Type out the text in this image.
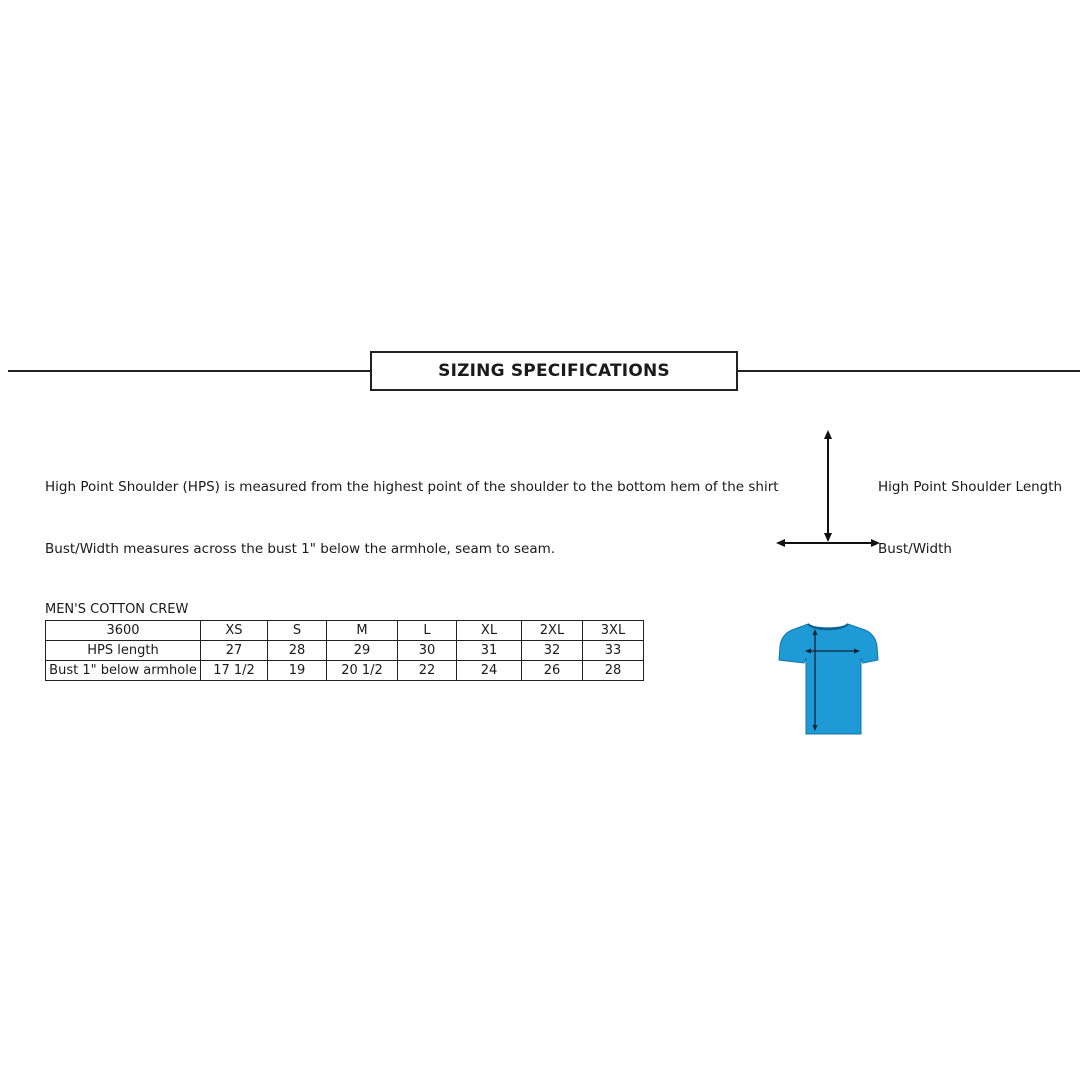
SIZING SPECIFICATIONS
High Point Shoulder (HPS) is measured from the highest point of the shoulder to the bottom hem of the shirt
Bust/Width measures across the bust 1" below the armhole, seam to seam.
High Point Shoulder Length
Bust/Width
MEN'S COTTON CREW
3600	XS	S	M	L	XL	2XL	3XL
HPS length	27	28	29	30	31	32	33
Bust 1" below armhole	17 1/2	19	20 1/2	22	24	26	28
